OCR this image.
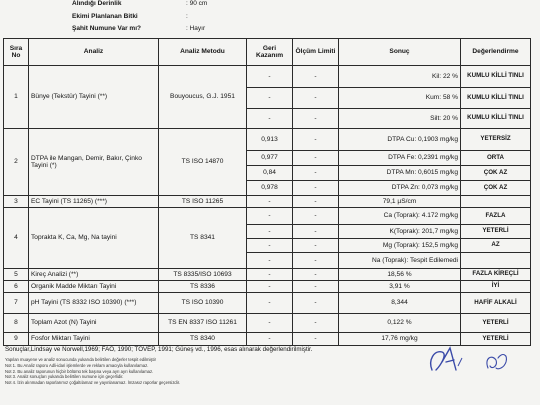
Alındığı Derinlik	: 90 cm
Ekimi Planlanan Bitki	:
Şahit Numune Var mı?	: Hayır
Sıra No	Analiz	Analiz Metodu	Geri Kazanım	Ölçüm Limiti	Sonuç	Değerlendirme
1	Bünye (Tekstür) Tayini (**)	Bouyoucus, G.J. 1951	-	-	Kil: 22 %	KUMLU KİLLİ TINLI
			-	-	Kum: 58 %	KUMLU KİLLİ TINLI
			-	-	Silt: 20 %	KUMLU KİLLİ TINLI
2	DTPA ile Mangan, Demir, Bakır, Çinko Tayini (*)	TS ISO 14870	0,913	-	DTPA Cu: 0,1903 mg/kg	YETERSİZ
			0,977	-	DTPA Fe: 0,2391 mg/kg	ORTA
			0,84	-	DTPA Mn: 0,6015 mg/kg	ÇOK AZ
			0,978	-	DTPA Zn: 0,073 mg/kg	ÇOK AZ
3	EC Tayini (TS 11265) (***)	TS ISO 11265	-	-	79,1 µS/cm	
4	Toprakta K, Ca, Mg, Na tayini	TS 8341	-	-	Ca (Toprak): 4.172 mg/kg	FAZLA
			-	-	K(Toprak): 201,7 mg/kg	YETERLİ
			-	-	Mg (Toprak): 152,5 mg/kg	AZ
			-	-	Na (Toprak): Tespit Edilemedi	
5	Kireç Analizi (**)	TS 8335/ISO 10693	-	-	18,56 %	FAZLA KİREÇLİ
6	Organik Madde Miktarı Tayini	TS 8336	-	-	3,91 %	İYİ
7	pH Tayini (TS 8332 ISO 10390) (***)	TS ISO 10390	-	-	8,344	HAFİF ALKALİ
8	Toplam Azot (N) Tayini	TS EN 8337 ISO 11261	-	-	0,122 %	YETERLİ
9	Fosfor Miktarı Tayini	TS 8340	-	-	17,76 mg/kg	YETERLİ
Sonuçlar,Lindsay ve Norwell,1969; FAO, 1990; TOVEP, 1991; Güneş vd., 1996, esas alınarak değerlendirilmiştir.
Yapılan muayene ve analiz sonucunda yukarıda belirtilen değerler tespit edilmiştir
Not 1. Bu Analiz raporu Adli-idari işlemlerde ve reklam amacıyla kullanılamaz.
Not 2. Bu analiz raporunun hiçbir bölümü tek başına veya ayrı ayrı kullanılamaz.
Not 3. Analiz sonuçları yukarıda belirtilen numune için geçerlidir.
Not 4. İzin alınmadan raporlarımız çoğaltılamaz ve yayınlanamaz. İmzasız raporlar geçersizdir.
